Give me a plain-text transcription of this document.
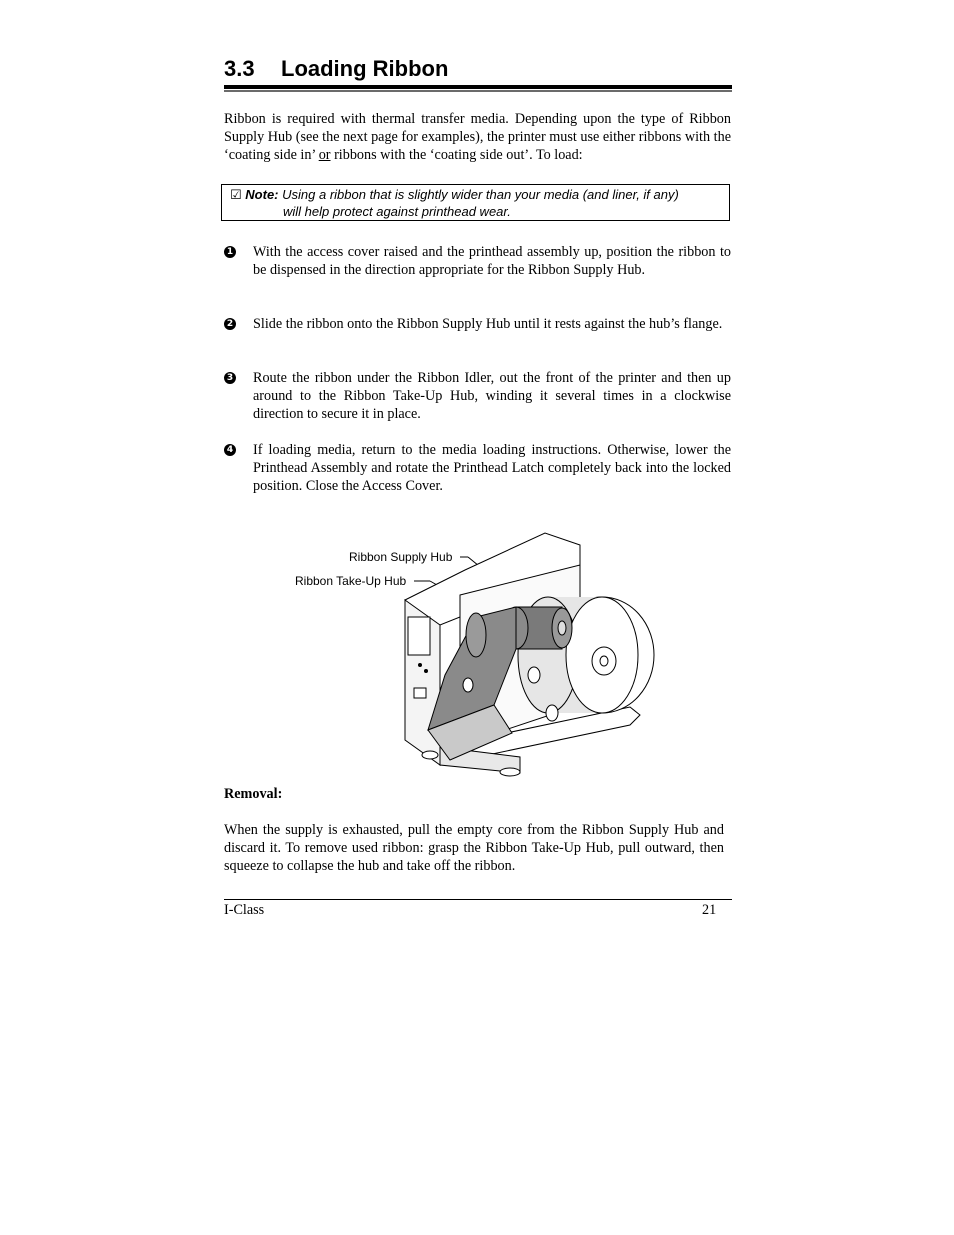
3.3 Loading Ribbon
Ribbon is required with thermal transfer media. Depending upon the type of Ribbon Supply Hub (see the next page for examples), the printer must use either ribbons with the ‘coating side in’ or ribbons with the ‘coating side out’. To load:
☑ Note: Using a ribbon that is slightly wider than your media (and liner, if any)
will help protect against printhead wear.
1 With the access cover raised and the printhead assembly up, position the ribbon to be dispensed in the direction appropriate for the Ribbon Supply Hub.
2 Slide the ribbon onto the Ribbon Supply Hub until it rests against the hub’s flange.
3 Route the ribbon under the Ribbon Idler, out the front of the printer and then up around to the Ribbon Take-Up Hub, winding it several times in a clockwise direction to secure it in place.
4 If loading media, return to the media loading instructions. Otherwise, lower the Printhead Assembly and rotate the Printhead Latch completely back into the locked position. Close the Access Cover.
Ribbon Supply Hub
Ribbon Take-Up Hub
Removal:
When the supply is exhausted, pull the empty core from the Ribbon Supply Hub and discard it. To remove used ribbon: grasp the Ribbon Take-Up Hub, pull outward, then squeeze to collapse the hub and take off the ribbon.
I-Class	21
